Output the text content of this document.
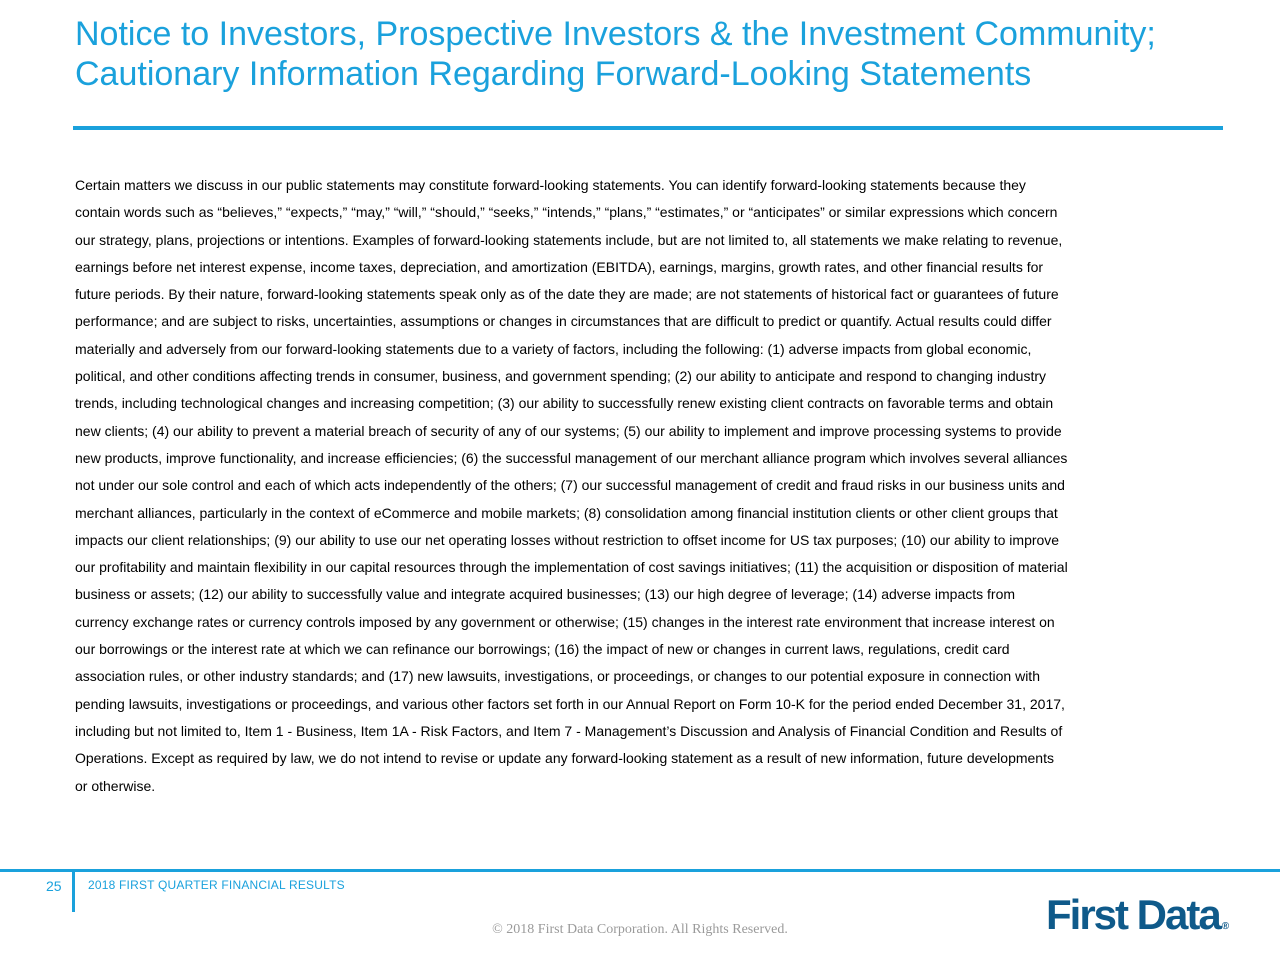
Notice to Investors, Prospective Investors & the Investment Community;
Cautionary Information Regarding Forward-Looking Statements

Certain matters we discuss in our public statements may constitute forward-looking statements. You can identify forward-looking statements because they
contain words such as “believes,” “expects,” “may,” “will,” “should,” “seeks,” “intends,” “plans,” “estimates,” or “anticipates” or similar expressions which concern
our strategy, plans, projections or intentions. Examples of forward-looking statements include, but are not limited to, all statements we make relating to revenue,
earnings before net interest expense, income taxes, depreciation, and amortization (EBITDA), earnings, margins, growth rates, and other financial results for
future periods. By their nature, forward-looking statements speak only as of the date they are made; are not statements of historical fact or guarantees of future
performance; and are subject to risks, uncertainties, assumptions or changes in circumstances that are difficult to predict or quantify. Actual results could differ
materially and adversely from our forward-looking statements due to a variety of factors, including the following: (1) adverse impacts from global economic,
political, and other conditions affecting trends in consumer, business, and government spending; (2) our ability to anticipate and respond to changing industry
trends, including technological changes and increasing competition; (3) our ability to successfully renew existing client contracts on favorable terms and obtain
new clients; (4) our ability to prevent a material breach of security of any of our systems; (5) our ability to implement and improve processing systems to provide
new products, improve functionality, and increase efficiencies; (6) the successful management of our merchant alliance program which involves several alliances
not under our sole control and each of which acts independently of the others; (7) our successful management of credit and fraud risks in our business units and
merchant alliances, particularly in the context of eCommerce and mobile markets; (8) consolidation among financial institution clients or other client groups that
impacts our client relationships; (9) our ability to use our net operating losses without restriction to offset income for US tax purposes; (10) our ability to improve
our profitability and maintain flexibility in our capital resources through the implementation of cost savings initiatives; (11) the acquisition or disposition of material
business or assets; (12) our ability to successfully value and integrate acquired businesses; (13) our high degree of leverage; (14) adverse impacts from
currency exchange rates or currency controls imposed by any government or otherwise; (15) changes in the interest rate environment that increase interest on
our borrowings or the interest rate at which we can refinance our borrowings; (16) the impact of new or changes in current laws, regulations, credit card
association rules, or other industry standards; and (17) new lawsuits, investigations, or proceedings, or changes to our potential exposure in connection with
pending lawsuits, investigations or proceedings, and various other factors set forth in our Annual Report on Form 10-K for the period ended December 31, 2017,
including but not limited to, Item 1 - Business, Item 1A - Risk Factors, and Item 7 - Management’s Discussion and Analysis of Financial Condition and Results of
Operations. Except as required by law, we do not intend to revise or update any forward-looking statement as a result of new information, future developments
or otherwise.

25 2018 FIRST QUARTER FINANCIAL RESULTS
© 2018 First Data Corporation. All Rights Reserved.	First Data ®
